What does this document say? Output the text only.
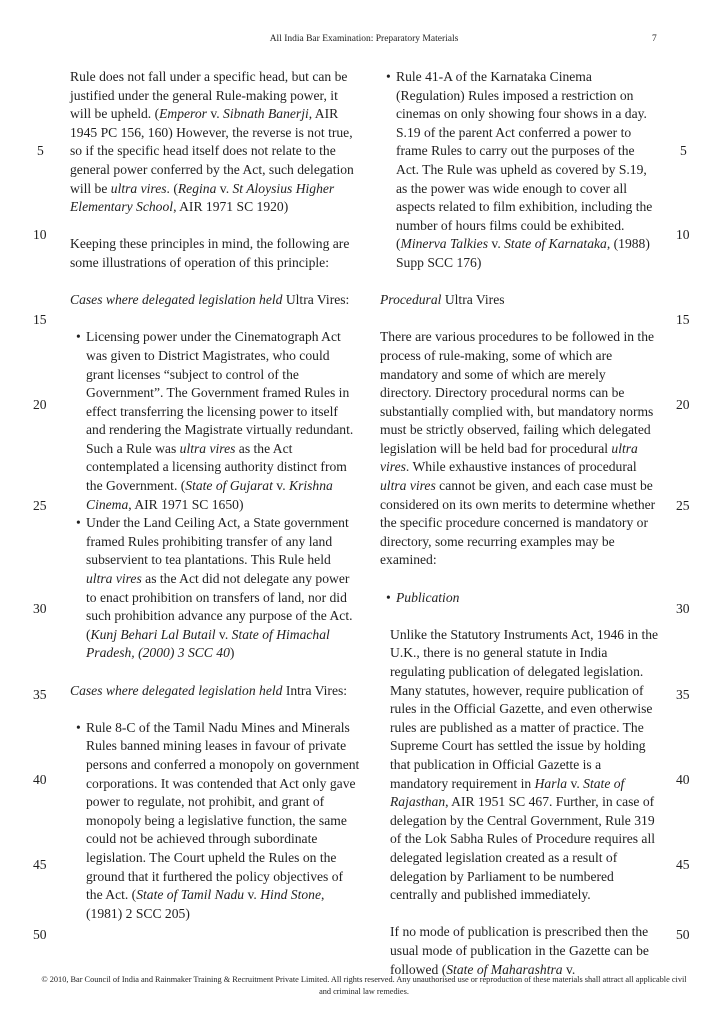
All India Bar Examination: Preparatory Materials	7
5
10
15
20
25
30
35
40
45
50
5
10
15
20
25
30
35
40
45
50

Rule does not fall under a specific head, but can be justified under the general Rule-making power, it will be upheld. (Emperor v. Sibnath Banerji, AIR 1945 PC 156, 160) However, the reverse is not true, so if the specific head itself does not relate to the general power conferred by the Act, such delegation will be ultra vires. (Regina v. St Aloysius Higher Elementary School, AIR 1971 SC 1920)

Keeping these principles in mind, the following are some illustrations of operation of this principle:

Cases where delegated legislation held Ultra Vires:

• Licensing power under the Cinematograph Act was given to District Magistrates, who could grant licenses “subject to control of the Government”. The Government framed Rules in effect transferring the licensing power to itself and rendering the Magistrate virtually redundant. Such a Rule was ultra vires as the Act contemplated a licensing authority distinct from the Government. (State of Gujarat v. Krishna Cinema, AIR 1971 SC 1650)
• Under the Land Ceiling Act, a State government framed Rules prohibiting transfer of any land subservient to tea plantations. This Rule held ultra vires as the Act did not delegate any power to enact prohibition on transfers of land, nor did such prohibition advance any purpose of the Act. (Kunj Behari Lal Butail v. State of Himachal Pradesh, (2000) 3 SCC 40)

Cases where delegated legislation held Intra Vires:

• Rule 8-C of the Tamil Nadu Mines and Minerals Rules banned mining leases in favour of private persons and conferred a monopoly on government corporations. It was contended that Act only gave power to regulate, not prohibit, and grant of monopoly being a legislative function, the same could not be achieved through subordinate legislation. The Court upheld the Rules on the ground that it furthered the policy objectives of the Act. (State of Tamil Nadu v. Hind Stone, (1981) 2 SCC 205)
• Rule 41-A of the Karnataka Cinema (Regulation) Rules imposed a restriction on cinemas on only showing four shows in a day. S.19 of the parent Act conferred a power to frame Rules to carry out the purposes of the Act. The Rule was upheld as covered by S.19, as the power was wide enough to cover all aspects related to film exhibition, including the number of hours films could be exhibited. (Minerva Talkies v. State of Karnataka, (1988) Supp SCC 176)

Procedural Ultra Vires

There are various procedures to be followed in the process of rule-making, some of which are mandatory and some of which are merely directory. Directory procedural norms can be substantially complied with, but mandatory norms must be strictly observed, failing which delegated legislation will be held bad for procedural ultra vires. While exhaustive instances of procedural ultra vires cannot be given, and each case must be considered on its own merits to determine whether the specific procedure concerned is mandatory or directory, some recurring examples may be examined:

• Publication

Unlike the Statutory Instruments Act, 1946 in the U.K., there is no general statute in India regulating publication of delegated legislation. Many statutes, however, require publication of rules in the Official Gazette, and even otherwise rules are published as a matter of practice. The Supreme Court has settled the issue by holding that publication in Official Gazette is a mandatory requirement in Harla v. State of Rajasthan, AIR 1951 SC 467. Further, in case of delegation by the Central Government, Rule 319 of the Lok Sabha Rules of Procedure requires all delegated legislation created as a result of delegation by Parliament to be numbered centrally and published immediately.

If no mode of publication is prescribed then the usual mode of publication in the Gazette can be followed (State of Maharashtra v.

© 2010, Bar Council of India and Rainmaker Training & Recruitment Private Limited. All rights reserved. Any unauthorised use or reproduction of these materials shall attract all applicable civil and criminal law remedies.
